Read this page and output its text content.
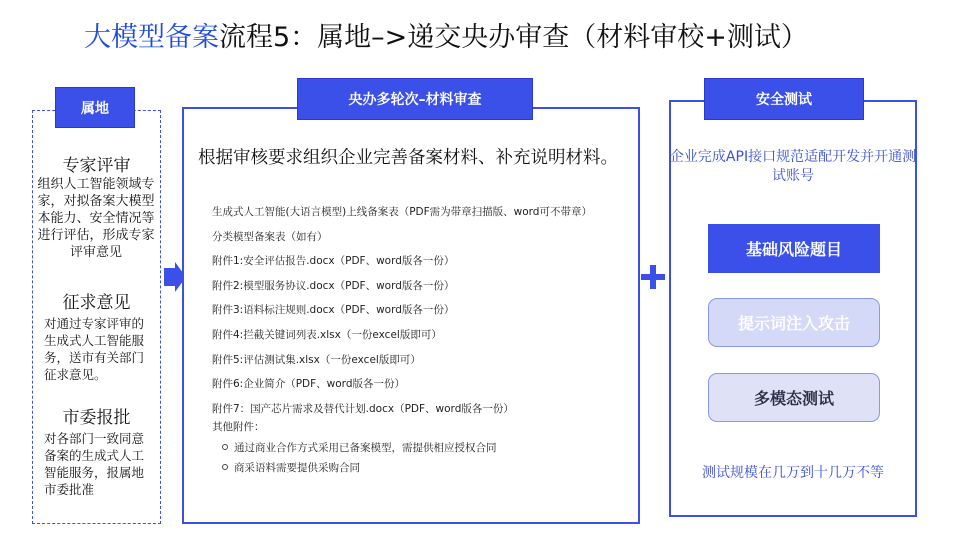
大模型备案流程5：属地–>递交央办审查（材料审校+测试）
属地
专家评审
组织人工智能领域专家，对拟备案大模型本能力、安全情况等进行评估，形成专家评审意见
征求意见
对通过专家评审的生成式人工智能服务，送市有关部门征求意见。
市委报批
对各部门一致同意备案的生成式人工智能服务，报属地市委批准
央办多轮次–材料审查
根据审核要求组织企业完善备案材料、补充说明材料。
生成式人工智能(大语言模型)上线备案表（PDF需为带章扫描版、word可不带章）
分类模型备案表（如有）
附件1:安全评估报告.docx（PDF、word版各一份）
附件2:模型服务协议.docx（PDF、word版各一份）
附件3:语料标注规则.docx（PDF、word版各一份）
附件4:拦截关键词列表.xlsx（一份excel版即可）
附件5:评估测试集.xlsx（一份excel版即可）
附件6:企业简介（PDF、word版各一份）
附件7：国产芯片需求及替代计划.docx（PDF、word版各一份）
其他附件：
通过商业合作方式采用已备案模型，需提供相应授权合同
商采语料需要提供采购合同
安全测试
企业完成API接口规范适配开发并开通测试账号
基础风险题目
提示词注入攻击
多模态测试
测试规模在几万到十几万不等
